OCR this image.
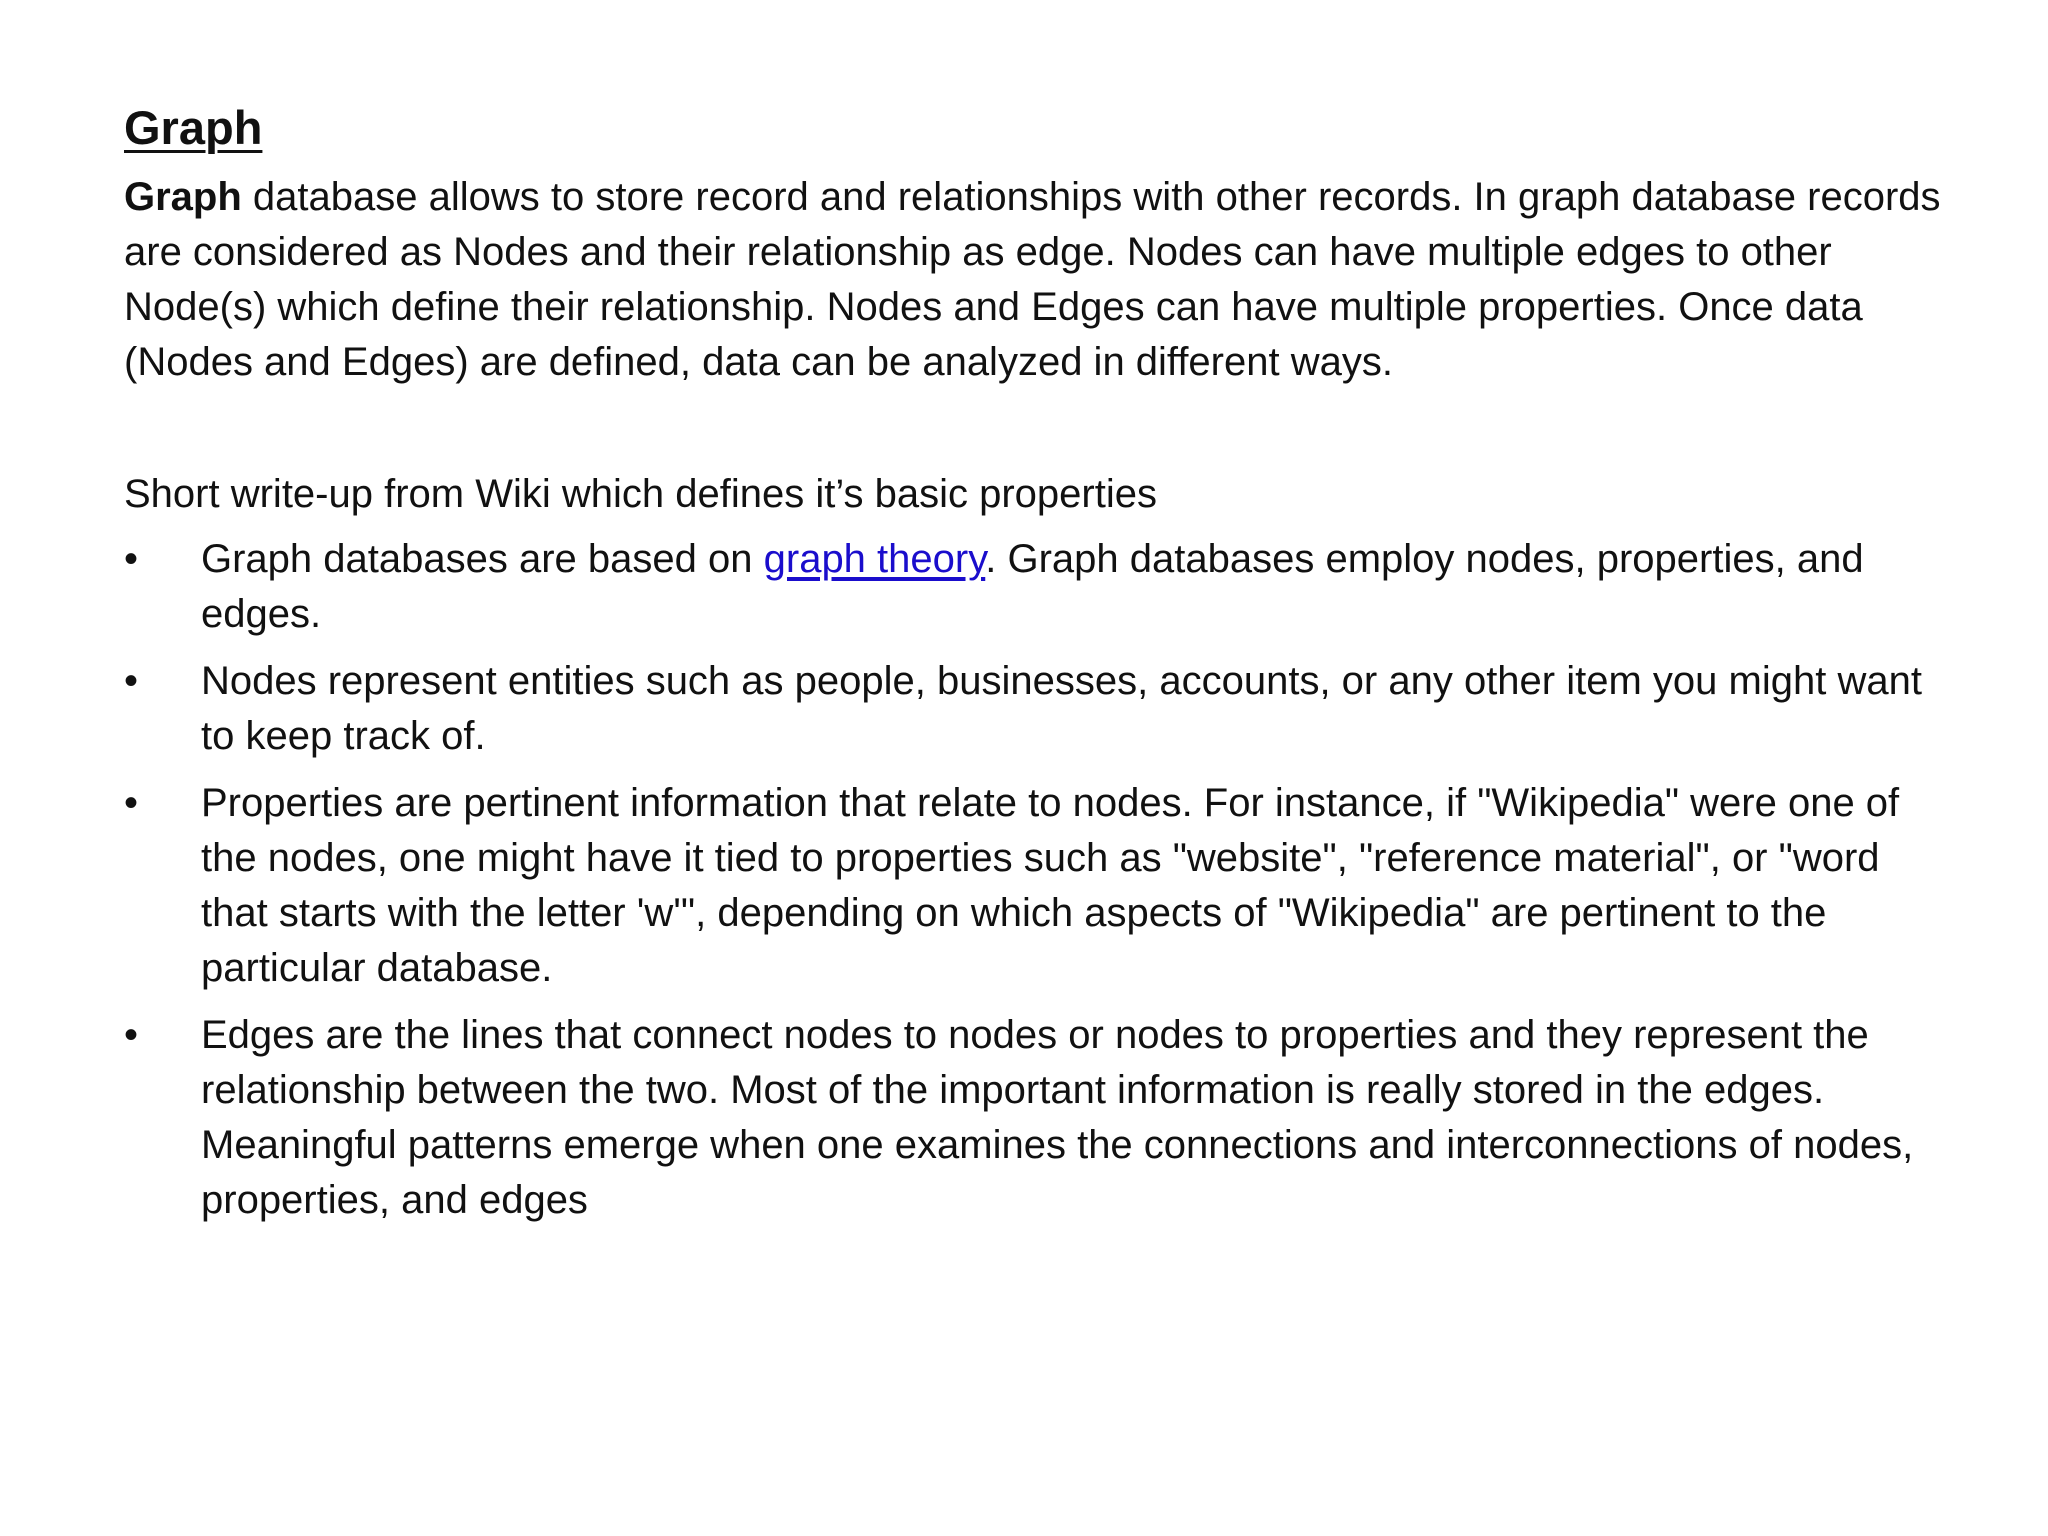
Graph

Graph database allows to store record and relationships with other records. In graph database records are considered as Nodes and their relationship as edge. Nodes can have multiple edges to other Node(s) which define their relationship. Nodes and Edges can have multiple properties. Once data (Nodes and Edges) are defined, data can be analyzed in different ways.

Short write-up from Wiki which defines it’s basic properties

•	Graph databases are based on graph theory. Graph databases employ nodes, properties, and edges.
•	Nodes represent entities such as people, businesses, accounts, or any other item you might want to keep track of.
•	Properties are pertinent information that relate to nodes. For instance, if "Wikipedia" were one of the nodes, one might have it tied to properties such as "website", "reference material", or "word that starts with the letter 'w'", depending on which aspects of "Wikipedia" are pertinent to the particular database.
•	Edges are the lines that connect nodes to nodes or nodes to properties and they represent the relationship between the two. Most of the important information is really stored in the edges. Meaningful patterns emerge when one examines the connections and interconnections of nodes, properties, and edges
